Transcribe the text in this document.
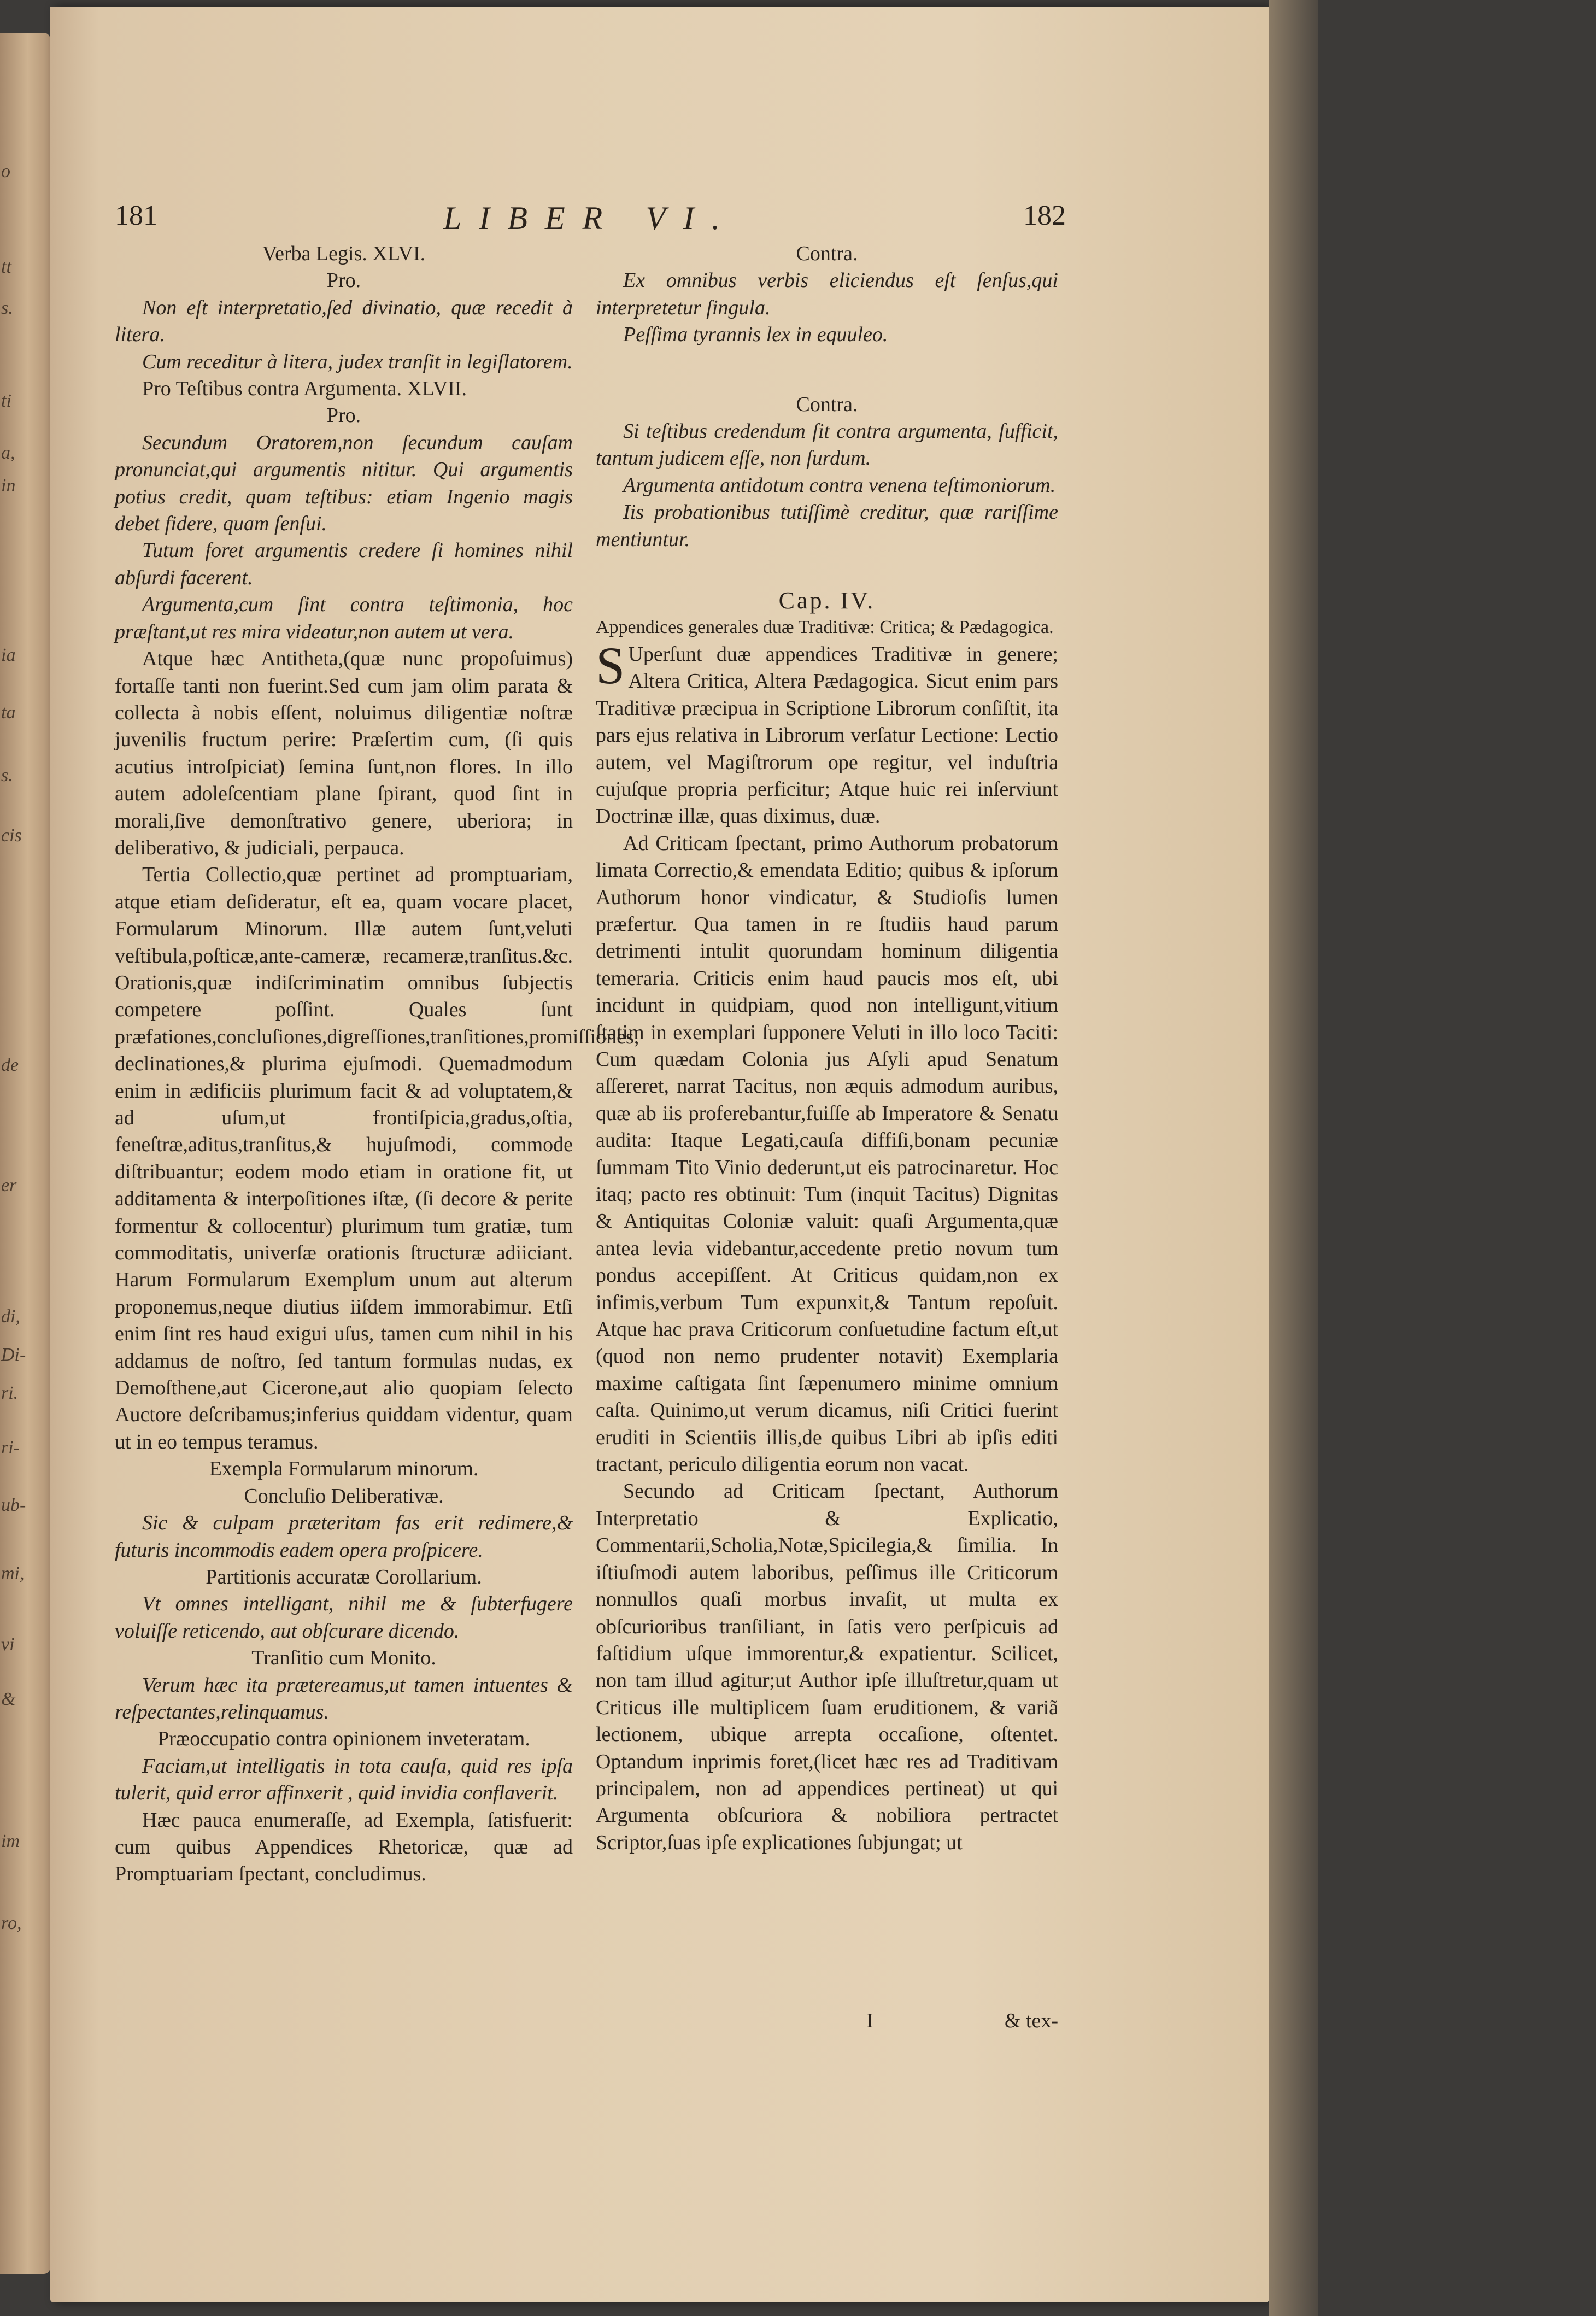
o
tt
s.
ti
a,
in
ia
ta
s.
cis
de
er
di,
Di-
ri.
ri-
ub-
mi,
vi
&
im
ro,
181	LIBER VI.	182

Verba Legis. XLVI.

Pro.

Non eſt interpretatio,ſed divinatio, quæ recedit à litera.

Cum receditur à litera, judex tranſit in legiſlatorem.

Pro Teſtibus contra Argumenta. XLVII.

Pro.

Secundum Oratorem,non ſecundum cauſam pronunciat,qui argumentis nititur. Qui argumentis potius credit, quam teſtibus: etiam Ingenio magis debet fidere, quam ſenſui.

Tutum foret argumentis credere ſi homines nihil abſurdi facerent.

Argumenta,cum ſint contra teſtimonia, hoc præſtant,ut res mira videatur,non autem ut vera.

Atque hæc Antitheta,(quæ nunc propoſuimus) fortaſſe tanti non fuerint.Sed cum jam olim parata & collecta à nobis eſſent, noluimus diligentiæ noſtræ juvenilis fructum perire: Præſertim cum, (ſi quis acutius introſpiciat) ſemina ſunt,non flores. In illo autem adoleſcentiam plane ſpirant, quod ſint in morali,ſive demonſtrativo genere, uberiora; in deliberativo, & judiciali, perpauca.

Tertia Collectio,quæ pertinet ad promptuariam, atque etiam deſideratur, eſt ea, quam vocare placet, Formularum Minorum. Illæ autem ſunt,veluti veſtibula,poſticæ,ante-cameræ, recameræ,tranſitus.&c. Orationis,quæ indiſcriminatim omnibus ſubjectis competere poſſint. Quales ſunt præfationes,concluſiones,digreſſiones,tranſitiones,promiſſiones, declinationes,& plurima ejuſmodi. Quemadmodum enim in ædificiis plurimum facit & ad voluptatem,& ad uſum,ut frontiſpicia,gradus,oſtia, feneſtræ,aditus,tranſitus,& hujuſmodi, commode diſtribuantur; eodem modo etiam in oratione fit, ut additamenta & interpoſitiones iſtæ, (ſi decore & perite formentur & collocentur) plurimum tum gratiæ, tum commoditatis, univerſæ orationis ſtructuræ adiiciant. Harum Formularum Exemplum unum aut alterum proponemus,neque diutius iiſdem immorabimur. Etſi enim ſint res haud exigui uſus, tamen cum nihil in his addamus de noſtro, ſed tantum formulas nudas, ex Demoſthene,aut Cicerone,aut alio quopiam ſelecto Auctore deſcribamus;inferius quiddam videntur, quam ut in eo tempus teramus.

Exempla Formularum minorum.

Concluſio Deliberativæ.

Sic & culpam præteritam fas erit redimere,& futuris incommodis eadem opera proſpicere.

Partitionis accuratæ Corollarium.

Vt omnes intelligant, nihil me & ſubterfugere voluiſſe reticendo, aut obſcurare dicendo.

Tranſitio cum Monito.

Verum hæc ita prætereamus,ut tamen intuentes & reſpectantes,relinquamus.

Præoccupatio contra opinionem inveteratam.

Faciam,ut intelligatis in tota cauſa, quid res ipſa tulerit, quid error affinxerit , quid invidia conflaverit.

Hæc pauca enumeraſſe, ad Exempla, ſatisfuerit: cum quibus Appendices Rhetoricæ, quæ ad Promptuariam ſpectant, concludimus.

Contra.

Ex omnibus verbis eliciendus eſt ſenſus,qui interpretetur ſingula.

Peſſima tyrannis lex in equuleo.

Contra.

Si teſtibus credendum ſit contra argumenta, ſufficit, tantum judicem eſſe, non ſurdum.

Argumenta antidotum contra venena teſtimoniorum.

Iis probationibus tutiſſimè creditur, quæ rariſſime mentiuntur.

Cap. IV.

Appendices generales duæ Traditivæ: Critica; & Pædagogica.

S Uperſunt duæ appendices Traditivæ in genere; Altera Critica, Altera Pædagogica. Sicut enim pars Traditivæ præcipua in Scriptione Librorum conſiſtit, ita pars ejus relativa in Librorum verſatur Lectione: Lectio autem, vel Magiſtrorum ope regitur, vel induſtria cujuſque propria perficitur; Atque huic rei inſerviunt Doctrinæ illæ, quas diximus, duæ.

Ad Criticam ſpectant, primo Authorum probatorum limata Correctio,& emendata Editio; quibus & ipſorum Authorum honor vindicatur, & Studioſis lumen præfertur. Qua tamen in re ſtudiis haud parum detrimenti intulit quorundam hominum diligentia temeraria. Criticis enim haud paucis mos eſt, ubi incidunt in quidpiam, quod non intelligunt,vitium ſtatim in exemplari ſupponere Veluti in illo loco Taciti: Cum quædam Colonia jus Aſyli apud Senatum aſſereret, narrat Tacitus, non æquis admodum auribus, quæ ab iis proferebantur,fuiſſe ab Imperatore & Senatu audita: Itaque Legati,cauſa diffiſi,bonam pecuniæ ſummam Tito Vinio dederunt,ut eis patrocinaretur. Hoc itaq; pacto res obtinuit: Tum (inquit Tacitus) Dignitas & Antiquitas Coloniæ valuit: quaſi Argumenta,quæ antea levia videbantur,accedente pretio novum tum pondus accepiſſent. At Criticus quidam,non ex infimis,verbum Tum expunxit,& Tantum repoſuit. Atque hac prava Criticorum conſuetudine factum eſt,ut (quod non nemo prudenter notavit) Exemplaria maxime caſtigata ſint ſæpenumero minime omnium caſta. Quinimo,ut verum dicamus, niſi Critici fuerint eruditi in Scientiis illis,de quibus Libri ab ipſis editi tractant, periculo diligentia eorum non vacat.

Secundo ad Criticam ſpectant, Authorum Interpretatio & Explicatio, Commentarii,Scholia,Notæ,Spicilegia,& ſimilia. In iſtiuſmodi autem laboribus, peſſimus ille Criticorum nonnullos quaſi morbus invaſit, ut multa ex obſcurioribus tranſiliant, in ſatis vero perſpicuis ad faſtidium uſque immorentur,& expatientur. Scilicet, non tam illud agitur;ut Author ipſe illuſtretur,quam ut Criticus ille multiplicem ſuam eruditionem, & variã lectionem, ubique arrepta occaſione, oſtentet. Optandum inprimis foret,(licet hæc res ad Traditivam principalem, non ad appendices pertineat) ut qui Argumenta obſcuriora & nobiliora pertractet Scriptor,ſuas ipſe explicationes ſubjungat; ut

I	& tex-
